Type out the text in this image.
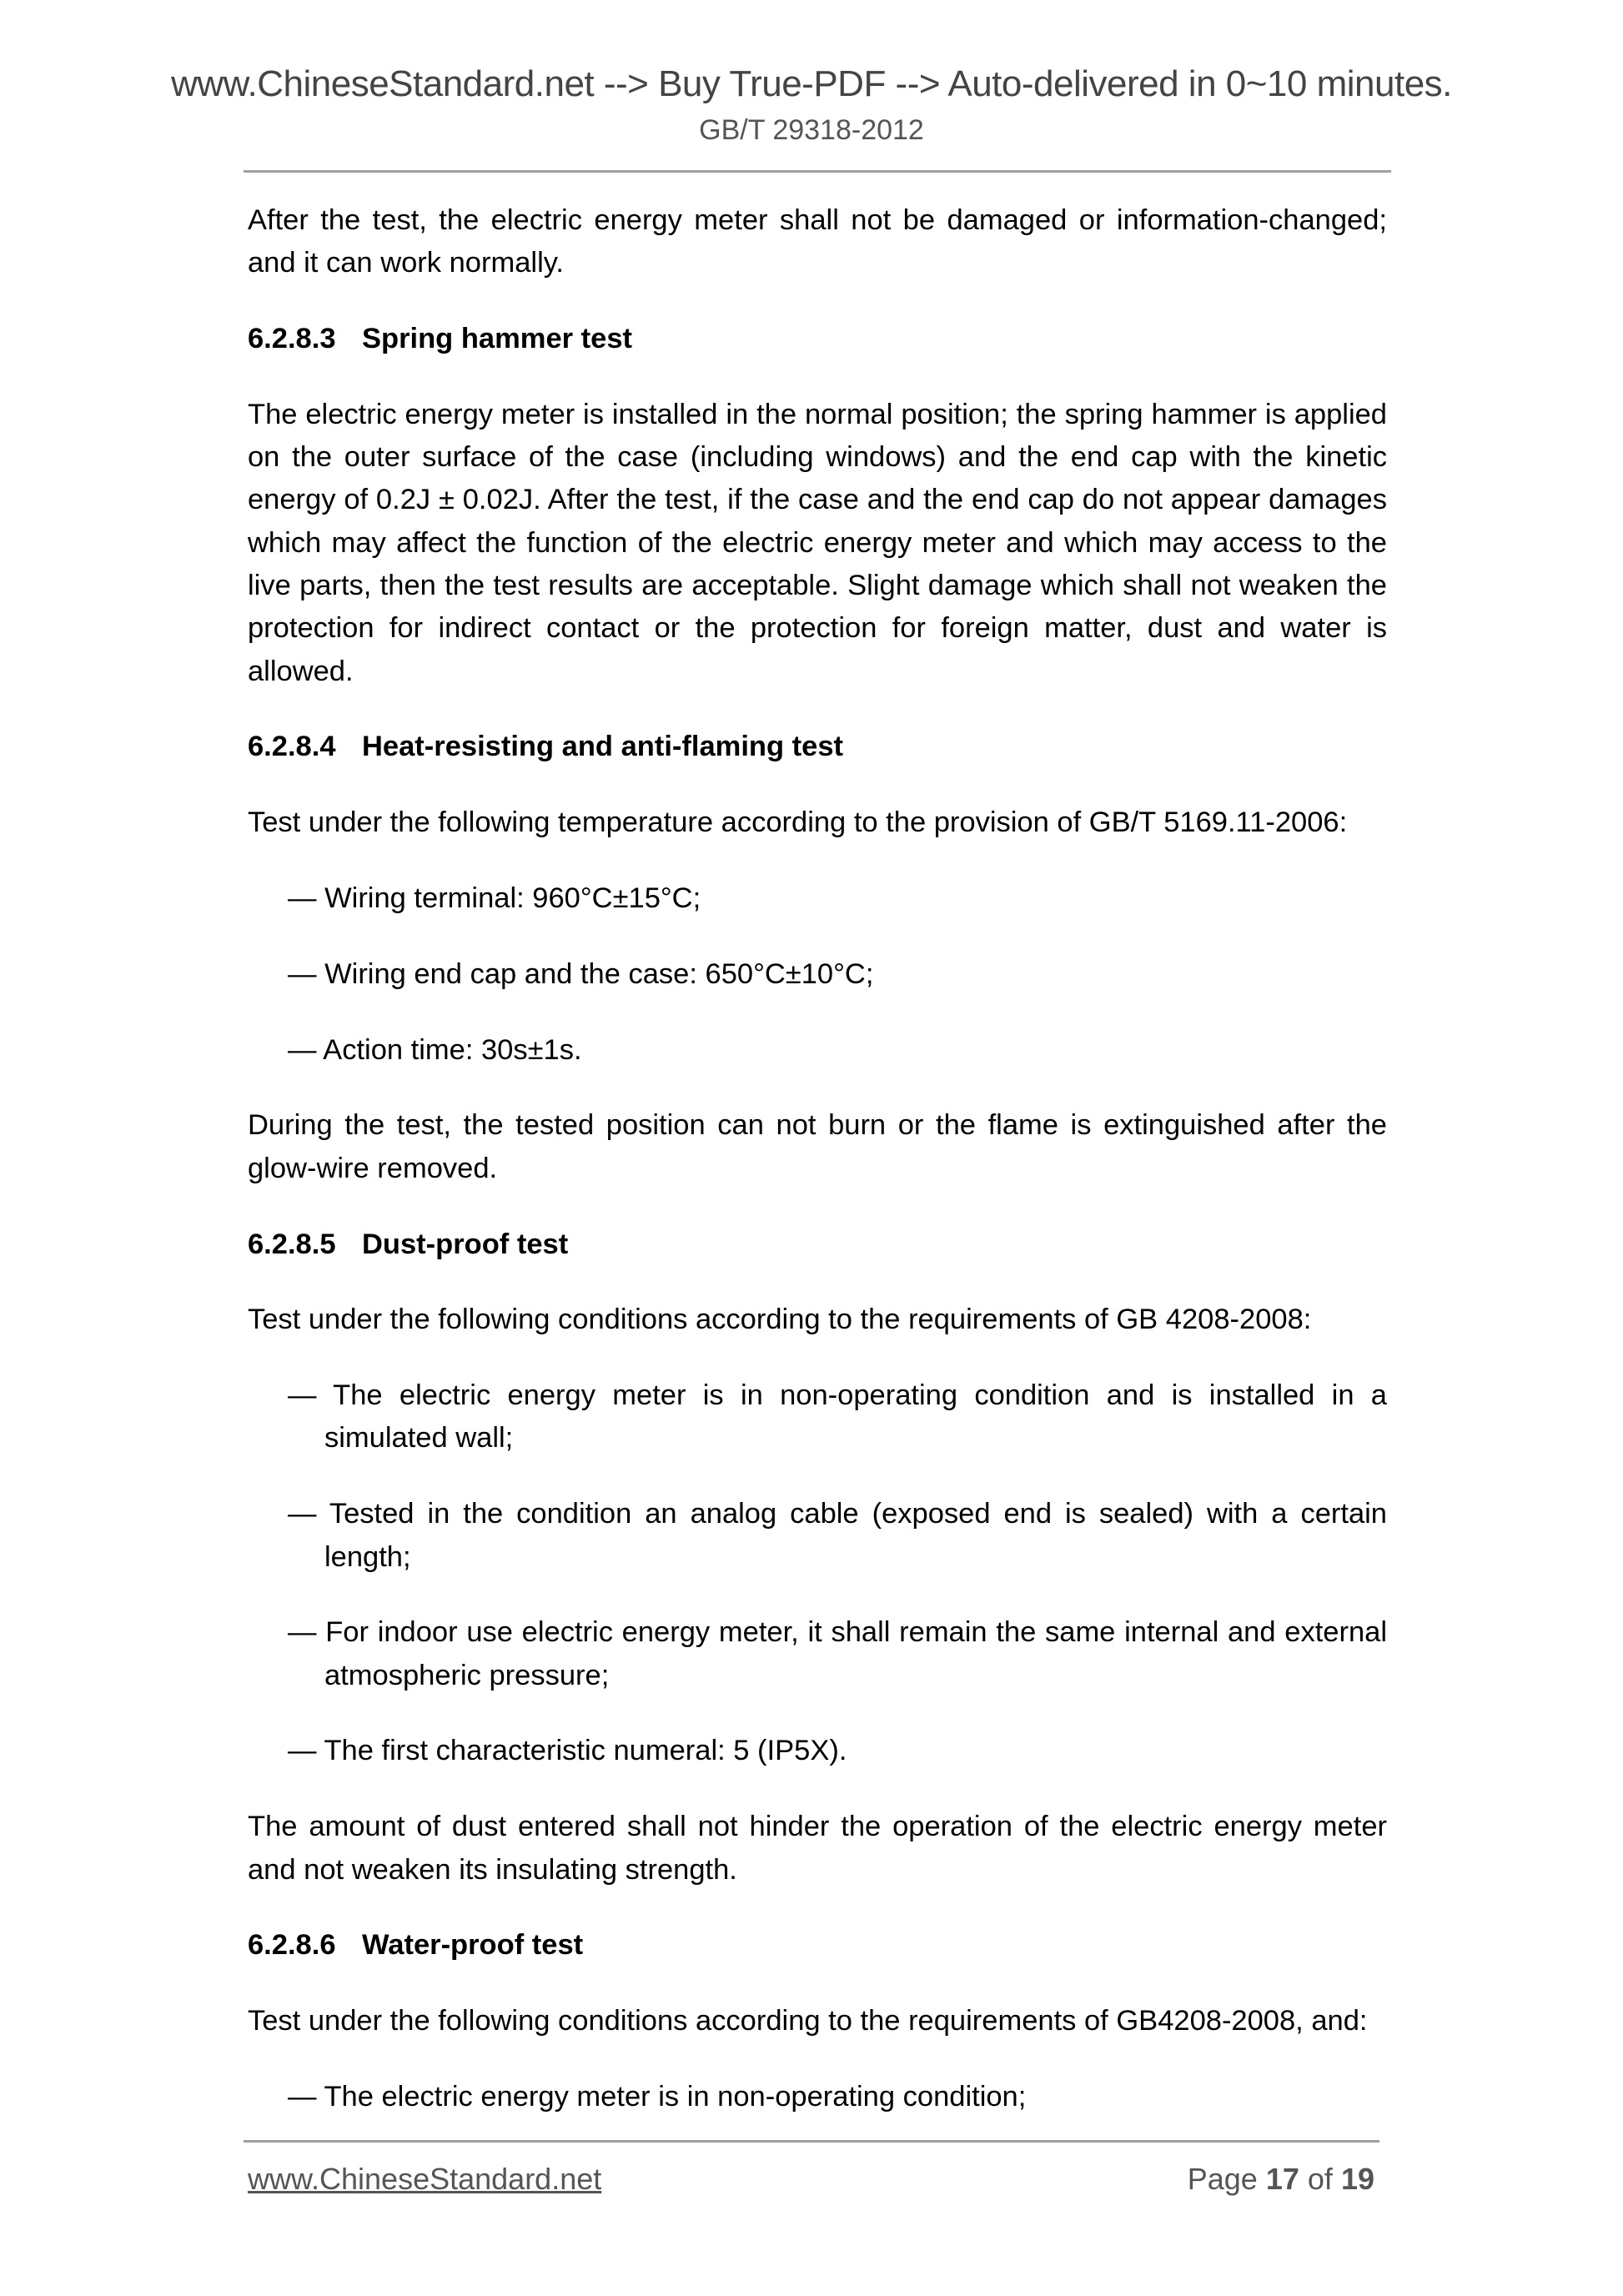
www.ChineseStandard.net --> Buy True-PDF --> Auto-delivered in 0~10 minutes.
GB/T 29318-2012

After the test, the electric energy meter shall not be damaged or information-changed; and it can work normally.

6.2.8.3 Spring hammer test

The electric energy meter is installed in the normal position; the spring hammer is applied on the outer surface of the case (including windows) and the end cap with the kinetic energy of 0.2J ± 0.02J. After the test, if the case and the end cap do not appear damages which may affect the function of the electric energy meter and which may access to the live parts, then the test results are acceptable. Slight damage which shall not weaken the protection for indirect contact or the protection for foreign matter, dust and water is allowed.

6.2.8.4 Heat-resisting and anti-flaming test

Test under the following temperature according to the provision of GB/T 5169.11-2006:

— Wiring terminal: 960°C±15°C;
— Wiring end cap and the case: 650°C±10°C;
— Action time: 30s±1s.

During the test, the tested position can not burn or the flame is extinguished after the glow-wire removed.

6.2.8.5 Dust-proof test

Test under the following conditions according to the requirements of GB 4208-2008:

— The electric energy meter is in non-operating condition and is installed in a simulated wall;
— Tested in the condition an analog cable (exposed end is sealed) with a certain length;
— For indoor use electric energy meter, it shall remain the same internal and external atmospheric pressure;
— The first characteristic numeral: 5 (IP5X).

The amount of dust entered shall not hinder the operation of the electric energy meter and not weaken its insulating strength.

6.2.8.6 Water-proof test

Test under the following conditions according to the requirements of GB4208-2008, and:

— The electric energy meter is in non-operating condition;
www.ChineseStandard.net	Page 17 of 19
